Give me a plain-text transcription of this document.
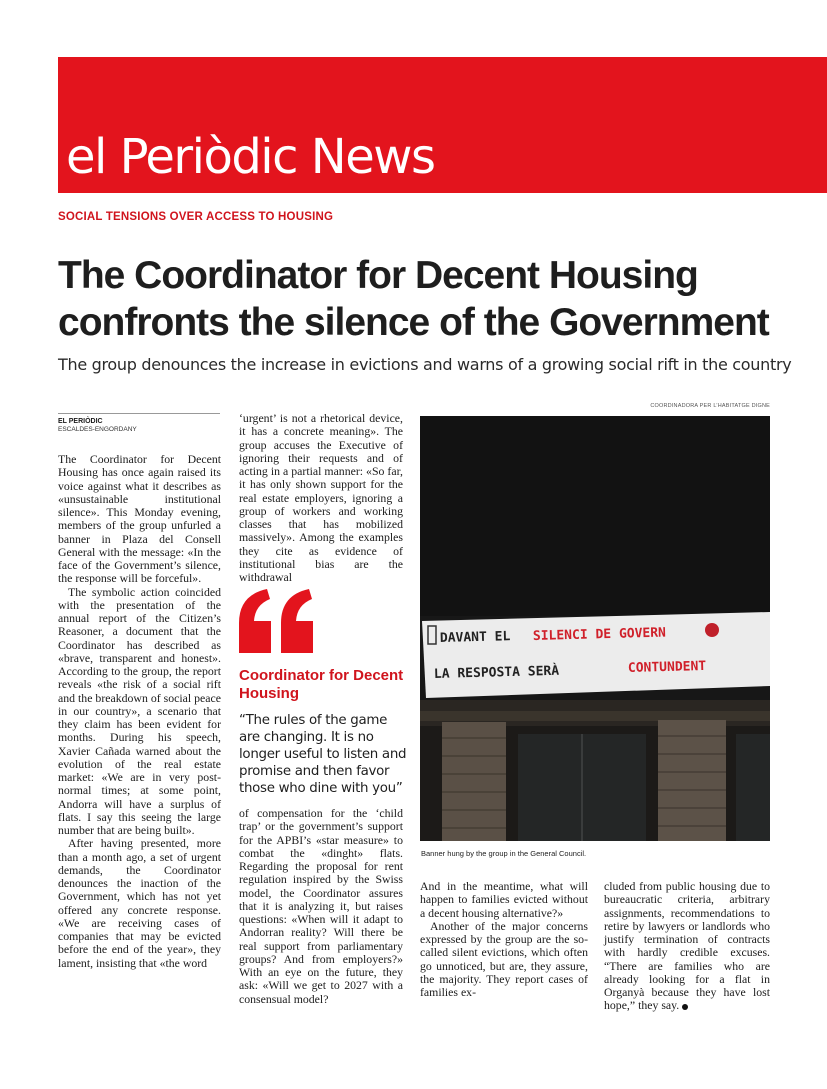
el Periòdic News
SOCIAL TENSIONS OVER ACCESS TO HOUSING
The Coordinator for Decent Housing confronts the silence of the Government
The group denounces the increase in evictions and warns of a growing social rift in the country
EL PERIÒDIC
ESCALDES-ENGORDANY

The Coordinator for Decent Housing has once again raised its voice against what it describes as «unsustainable institutional silence». This Monday evening, members of the group unfurled a banner in Plaza del Consell General with the message: «In the face of the Government’s silence, the response will be forceful».

The symbolic action coincided with the presentation of the annual report of the Citizen’s Reasoner, a document that the Coordinator has described as «brave, transparent and honest». According to the group, the report reveals «the risk of a social rift and the breakdown of social peace in our country», a scenario that they claim has been evident for months. During his speech, Xavier Cañada warned about the evolution of the real estate market: «We are in very post-normal times; at some point, Andorra will have a surplus of flats. I say this seeing the large number that are being built».

After having presented, more than a month ago, a set of urgent demands, the Coordinator denounces the inaction of the Government, which has not yet offered any concrete response. «We are receiving cases of companies that may be evicted before the end of the year», they lament, insisting that «the word

‘urgent’ is not a rhetorical device, it has a concrete meaning». The group accuses the Executive of ignoring their requests and of acting in a partial manner: «So far, it has only shown support for the real estate employers, ignoring a group of workers and working classes that has mobilized massively». Among the examples they cite as evidence of institutional bias are the withdrawal

Coordinator for Decent Housing
“The rules of the game are changing. It is no longer useful to listen and promise and then favor those who dine with you”

of compensation for the ‘child trap’ or the government’s support for the APBI’s «star measure» to combat the «dinght» flats. Regarding the proposal for rent regulation inspired by the Swiss model, the Coordinator assures that it is analyzing it, but raises questions: «When will it adapt to Andorran reality? Will there be real support from parliamentary groups? And from employers?» With an eye on the future, they ask: «Will we get to 2027 with a consensual model?

COORDINADORA PER L’HABITATGE DIGNE
DAVANT EL SILENCI DE GOVERN
LA RESPOSTA SERÀ	CONTUNDENT
Banner hung by the group in the General Council.

And in the meantime, what will happen to families evicted without a decent housing alternative?»

Another of the major concerns expressed by the group are the so-called silent evictions, which often go unnoticed, but are, they assure, the majority. They report cases of families ex-

cluded from public housing due to bureaucratic criteria, arbitrary assignments, recommendations to retire by lawyers or landlords who justify termination of contracts with hardly credible excuses. “There are families who are already looking for a flat in Organyà because they have lost hope,” they say.
